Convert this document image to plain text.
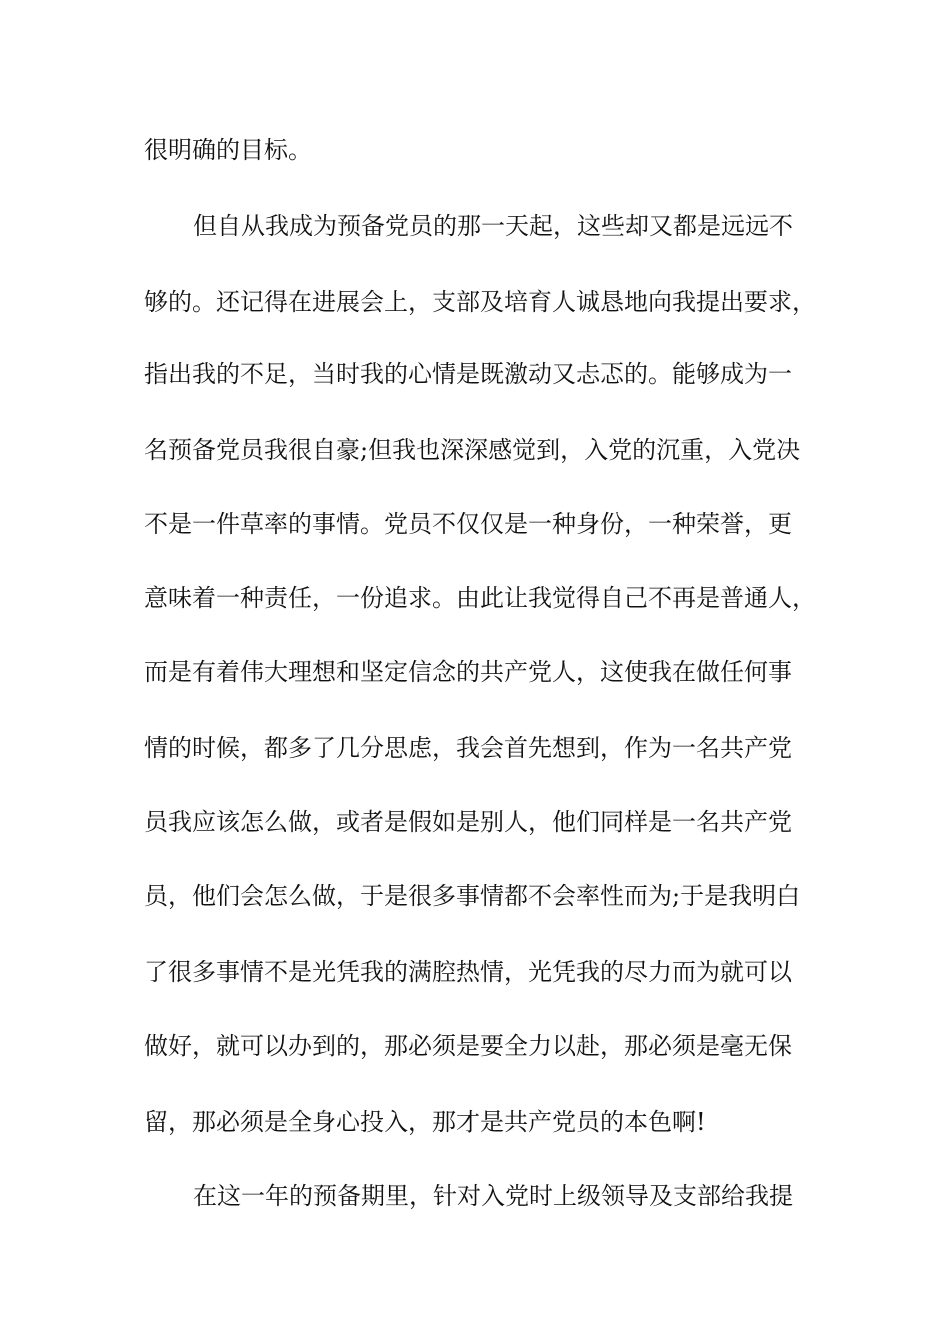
很明确的目标。

但自从我成为预备党员的那一天起，这些却又都是远远不

够的。还记得在进展会上，支部及培育人诚恳地向我提出要求，

指出我的不足，当时我的心情是既激动又忐忑的。能够成为一

名预备党员我很自豪;但我也深深感觉到，入党的沉重，入党决

不是一件草率的事情。党员不仅仅是一种身份，一种荣誉，更

意味着一种责任，一份追求。由此让我觉得自己不再是普通人，

而是有着伟大理想和坚定信念的共产党人，这使我在做任何事

情的时候，都多了几分思虑，我会首先想到，作为一名共产党

员我应该怎么做，或者是假如是别人，他们同样是一名共产党

员，他们会怎么做，于是很多事情都不会率性而为;于是我明白

了很多事情不是光凭我的满腔热情，光凭我的尽力而为就可以

做好，就可以办到的，那必须是要全力以赴，那必须是毫无保

留，那必须是全身心投入，那才是共产党员的本色啊!

在这一年的预备期里，针对入党时上级领导及支部给我提
